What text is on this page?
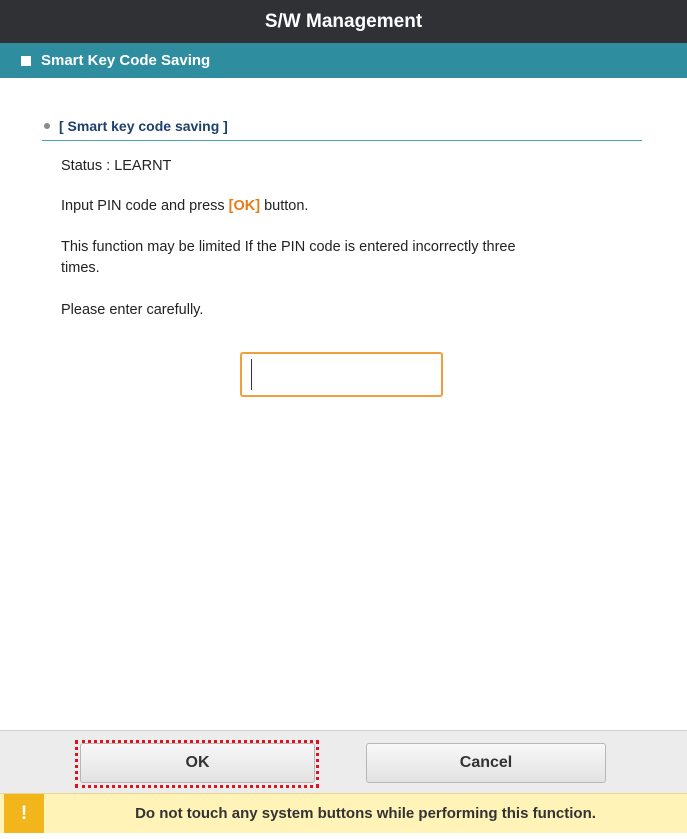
S/W Management
Smart Key Code Saving
[ Smart key code saving ]
Status : LEARNT
Input PIN code and press [OK] button.
This function may be limited If the PIN code is entered incorrectly three
times.
Please enter carefully.
OK	Cancel
!	Do not touch any system buttons while performing this function.
